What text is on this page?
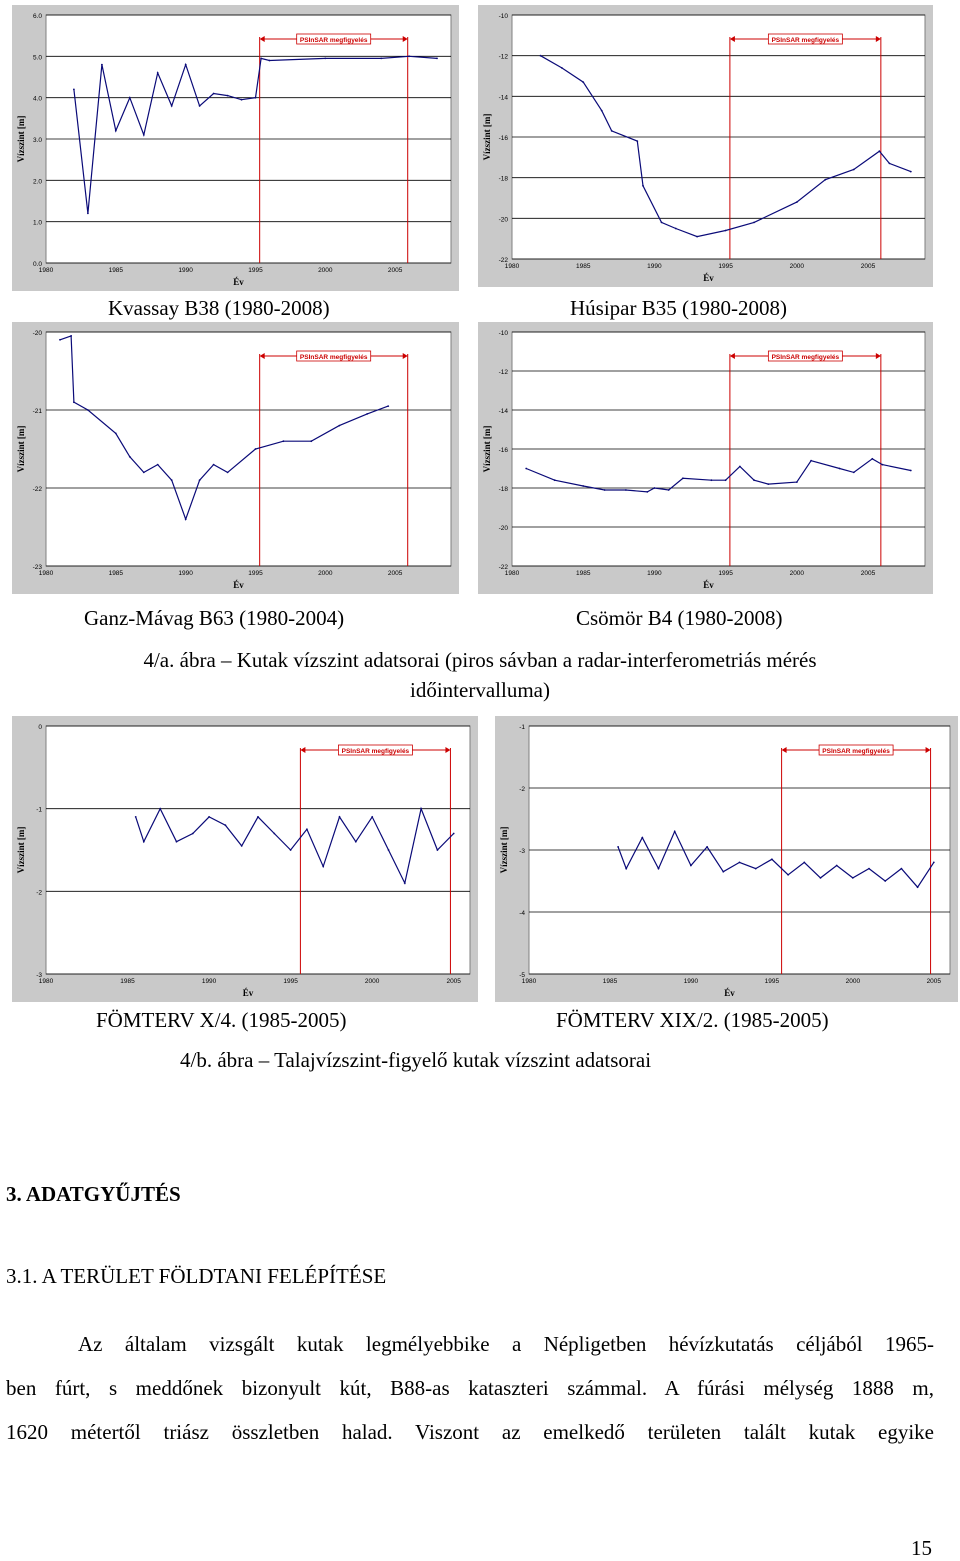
0.0
1.0
2.0
3.0
4.0
5.0
6.0
1980	1985	1990	1995	2000	2005
Év
Vízszint [m]
PSInSAR megfigyelés
-22
-20
-18
-16
-14
-12
-10
1980	1985	1990	1995	2000	2005
Év
Vízszint [m]
PSInSAR megfigyelés
Kvassay B38 (1980-2008)	Húsipar B35 (1980-2008)
-23
-22
-21
-20
1980	1985	1990	1995	2000	2005
Év
Vízszint [m]
PSInSAR megfigyelés
-22
-20
-18
-16
-14
-12
-10
1980	1985	1990	1995	2000	2005
Év
Vízszint [m]
PSInSAR megfigyelés
Ganz-Mávag B63 (1980-2004)	Csömör B4 (1980-2008)
4/a. ábra – Kutak vízszint adatsorai (piros sávban a radar-interferometriás mérés
időintervalluma)
-3
-2
-1
0
1980	1985	1990	1995	2000	2005
Év
Vízszint [m]
PSInSAR megfigyelés
-5
-4
-3
-2
-1
1980	1985	1990	1995	2000	2005
Év
Vízszint [m]
PSInSAR megfigyelés
FÖMTERV X/4. (1985-2005)	FÖMTERV XIX/2. (1985-2005)
4/b. ábra – Talajvízszint-figyelő kutak vízszint adatsorai
3. ADATGYŰJTÉS
3.1. A TERÜLET FÖLDTANI FELÉPÍTÉSE
Az általam vizsgált kutak legmélyebbike a Népligetben hévízkutatás céljából 1965-
ben fúrt, s meddőnek bizonyult kút, B88-as kataszteri számmal. A fúrási mélység 1888 m,
1620 métertől triász összletben halad. Viszont az emelkedő területen talált kutak egyike
15
